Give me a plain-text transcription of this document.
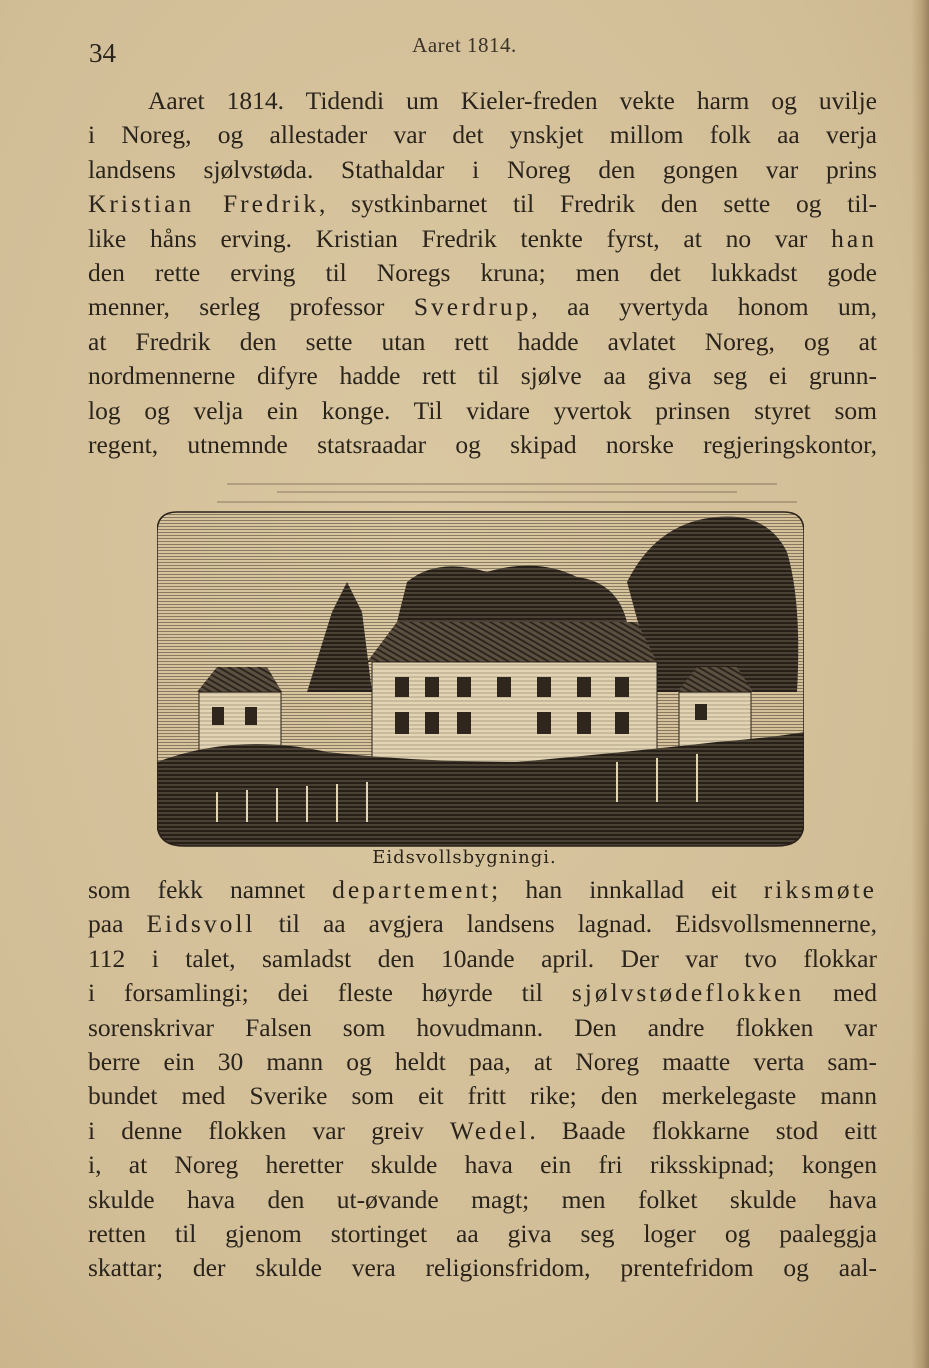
34	Aaret 1814.
Aaret 1814. Tidendi um Kieler-freden vekte harm og uvilje
i Noreg, og allestader var det ynskjet millom folk aa verja
landsens sjølvstøda. Stathaldar i Noreg den gongen var prins
Kristian Fredrik, systkinbarnet til Fredrik den sette og til-
like håns erving. Kristian Fredrik tenkte fyrst, at no var han
den rette erving til Noregs kruna; men det lukkadst gode
menner, serleg professor Sverdrup, aa yvertyda honom um,
at Fredrik den sette utan rett hadde avlatet Noreg, og at
nordmennerne difyre hadde rett til sjølve aa giva seg ei grunn-
log og velja ein konge. Til vidare yvertok prinsen styret som
regent, utnemnde statsraadar og skipad norske regjeringskontor,
Eidsvollsbygningi.
som fekk namnet departement; han innkallad eit riksmøte
paa Eidsvoll til aa avgjera landsens lagnad. Eidsvollsmennerne,
112 i talet, samladst den 10ande april. Der var tvo flokkar
i forsamlingi; dei fleste høyrde til sjølvstødeflokken med
sorenskrivar Falsen som hovudmann. Den andre flokken var
berre ein 30 mann og heldt paa, at Noreg maatte verta sam-
bundet med Sverike som eit fritt rike; den merkelegaste mann
i denne flokken var greiv Wedel. Baade flokkarne stod eitt
i, at Noreg heretter skulde hava ein fri riksskipnad; kongen
skulde hava den ut-øvande magt; men folket skulde hava
retten til gjenom stortinget aa giva seg loger og paaleggja
skattar; der skulde vera religionsfridom, prentefridom og aal-
